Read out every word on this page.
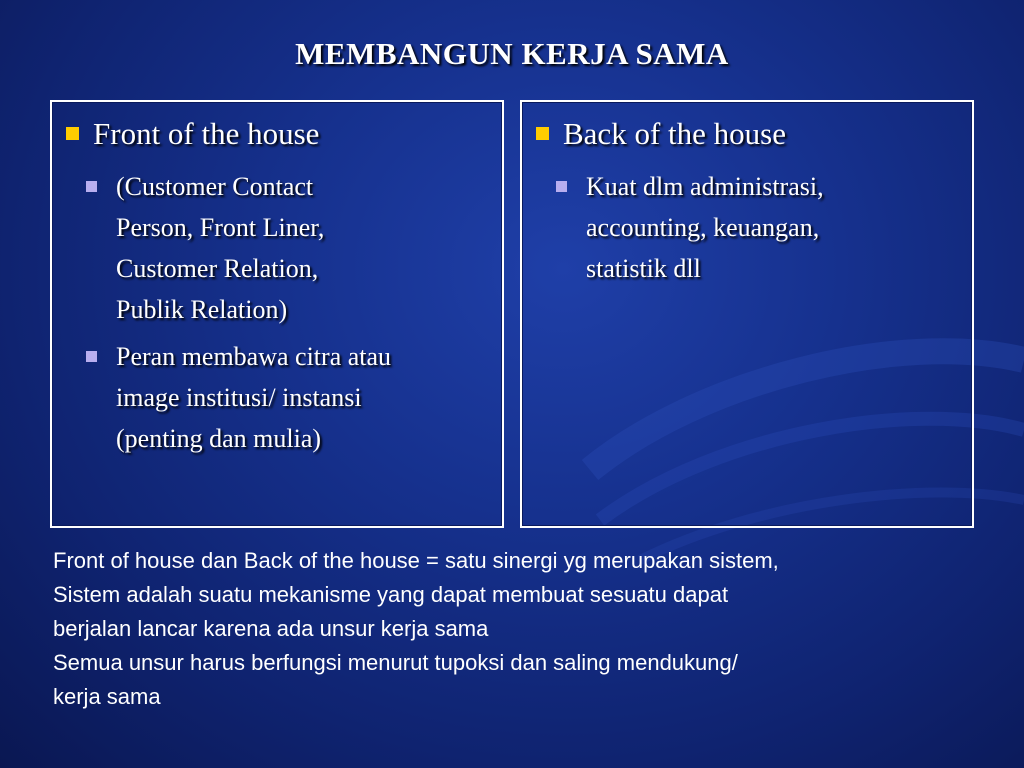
MEMBANGUN KERJA SAMA
Front of the house
(Customer Contact
Person, Front Liner,
Customer Relation,
Publik Relation)
Peran membawa citra atau
image institusi/ instansi
(penting dan mulia)
Back of the house
Kuat dlm administrasi,
accounting, keuangan,
statistik dll
Front of house dan Back of the house = satu sinergi yg merupakan sistem,
Sistem adalah suatu mekanisme yang dapat membuat sesuatu dapat
berjalan lancar karena ada unsur kerja sama
Semua unsur harus berfungsi menurut tupoksi dan saling mendukung/
kerja sama
